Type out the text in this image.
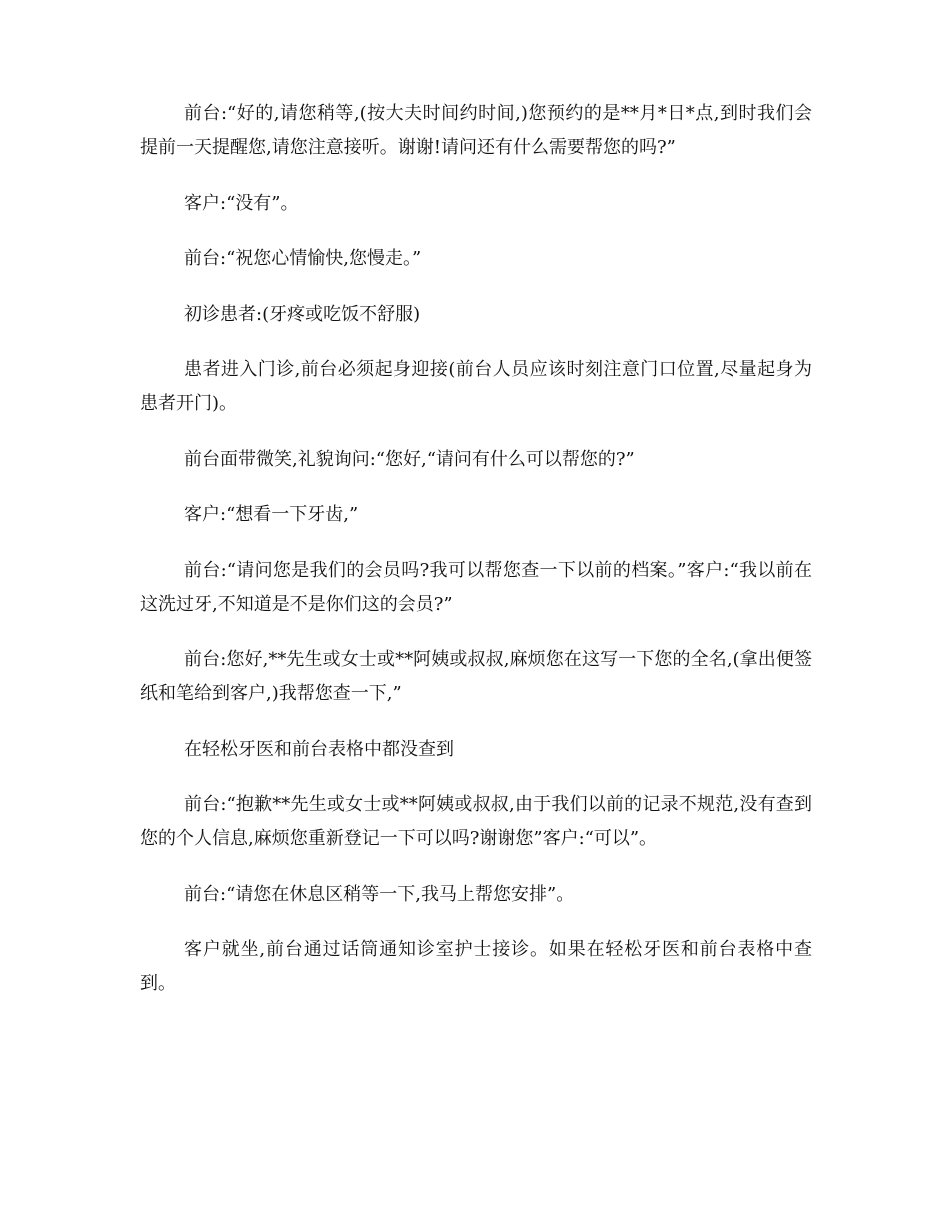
前台:“好的,请您稍等,(按大夫时间约时间,)您预约的是**月*日*点,到时我们会提前一天提醒您,请您注意接听。谢谢!请问还有什么需要帮您的吗?”

客户:“没有”。

前台:“祝您心情愉快,您慢走。”

初诊患者:(牙疼或吃饭不舒服)

患者进入门诊,前台必须起身迎接(前台人员应该时刻注意门口位置,尽量起身为患者开门)。

前台面带微笑,礼貌询问:“您好,“请问有什么可以帮您的?”

客户:“想看一下牙齿,”

前台:“请问您是我们的会员吗?我可以帮您查一下以前的档案。”客户:“我以前在这洗过牙,不知道是不是你们这的会员?”

前台:您好,**先生或女士或**阿姨或叔叔,麻烦您在这写一下您的全名,(拿出便签纸和笔给到客户,)我帮您查一下,”

在轻松牙医和前台表格中都没查到

前台:“抱歉**先生或女士或**阿姨或叔叔,由于我们以前的记录不规范,没有查到您的个人信息,麻烦您重新登记一下可以吗?谢谢您”客户:“可以”。

前台:“请您在休息区稍等一下,我马上帮您安排”。

客户就坐,前台通过话筒通知诊室护士接诊。如果在轻松牙医和前台表格中查到。
